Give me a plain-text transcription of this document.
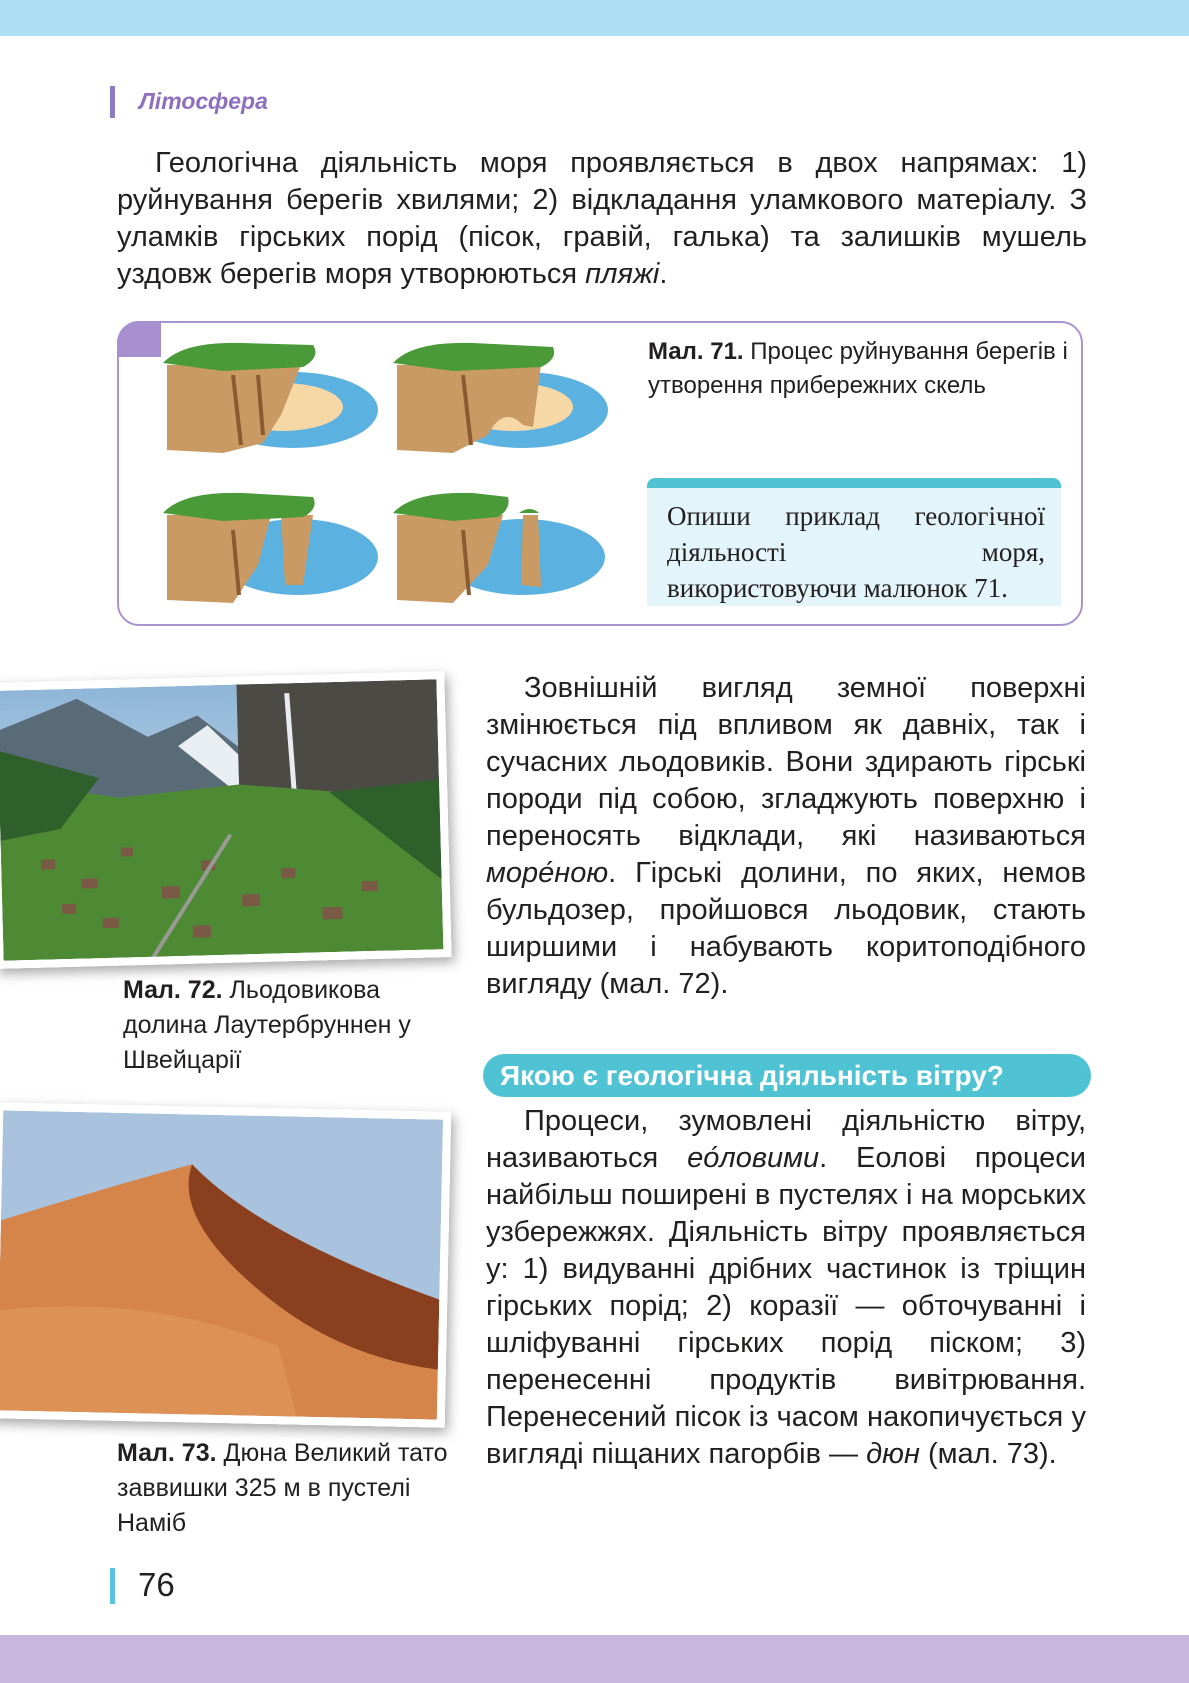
Літосфера

Геологічна діяльність моря проявляється в двох напрямах: 1) руйнування берегів хвилями; 2) відкладання уламкового матеріалу. З уламків гірських порід (пісок, гравій, галька) та залишків мушель уздовж берегів моря утворюються пляжі.

Мал. 71. Процес руйнування берегів і утворення прибережних скель
Опиши приклад геологічної діяльності моря, використовуючи малюнок 71.
Мал. 72. Льодовикова долина Лаутербруннен у Швейцарії
Мал. 73. Дюна Великий тато заввишки 325 м в пустелі Наміб

Зовнішній вигляд земної поверхні змінюється під впливом як давніх, так і сучасних льодовиків. Вони здирають гірські породи під собою, згладжують поверхню і переносять відклади, які називаються море́ною. Гірські долини, по яких, немов бульдозер, пройшовся льодовик, стають ширшими і набувають коритоподібного вигляду (мал. 72).

Якою є геологічна діяльність вітру?

Процеси, зумовлені діяльністю вітру, називаються ео́ловими. Еолові процеси найбільш поширені в пустелях і на морських узбережжях. Діяльність вітру проявляється у: 1) видуванні дрібних частинок із тріщин гірських порід; 2) коразії — обточуванні і шліфуванні гірських порід піском; 3) перенесенні продуктів вивітрювання. Перенесений пісок із часом накопичується у вигляді піщаних пагорбів — дюн (мал. 73).

76
